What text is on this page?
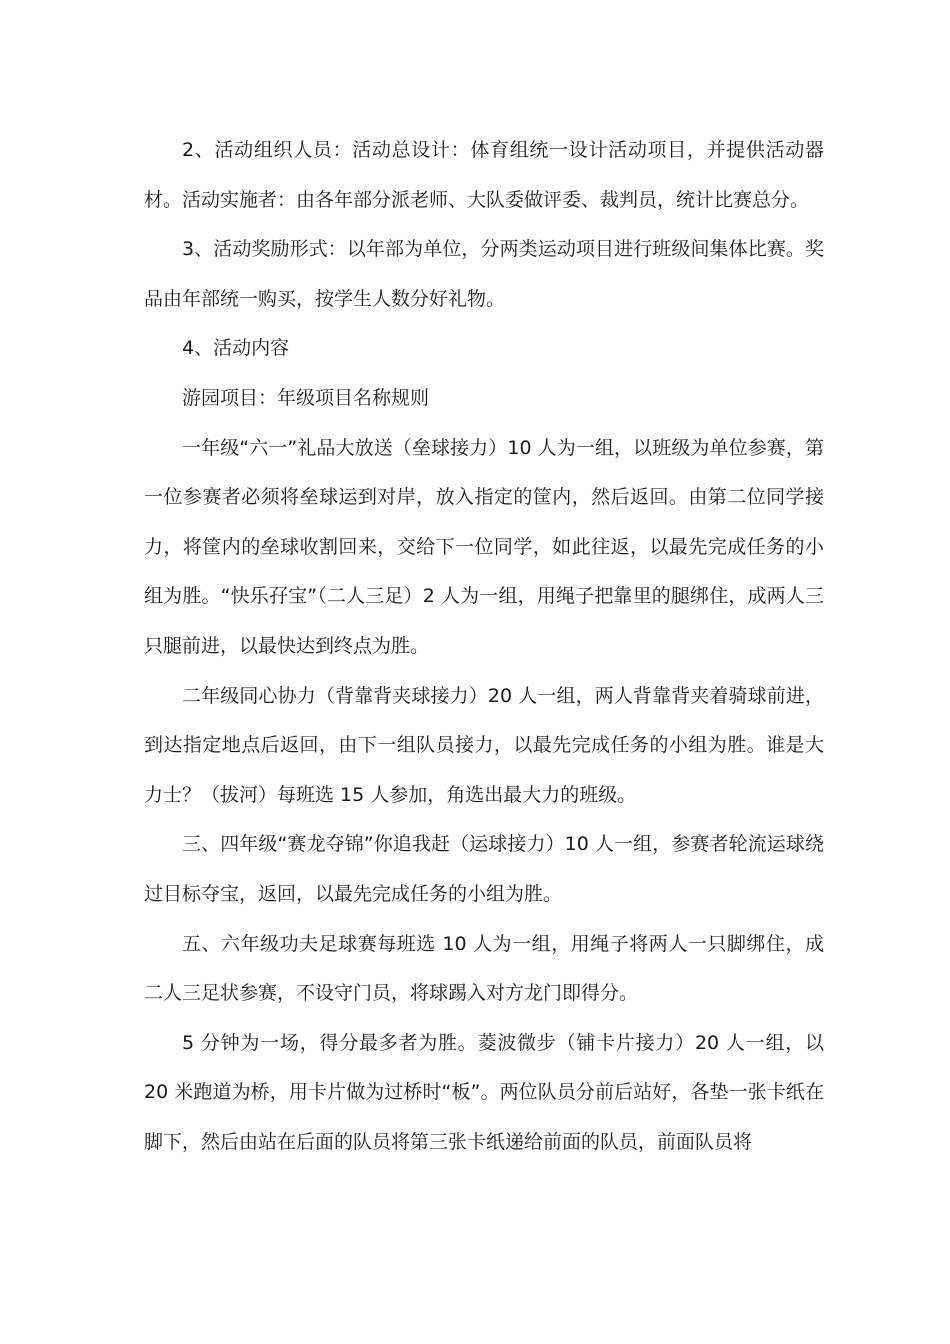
2、活动组织人员：活动总设计：体育组统一设计活动项目，并提供活动器材。活动实施者：由各年部分派老师、大队委做评委、裁判员，统计比赛总分。

3、活动奖励形式：以年部为单位，分两类运动项目进行班级间集体比赛。奖品由年部统一购买，按学生人数分好礼物。

4、活动内容

游园项目：年级项目名称规则

一年级“六一”礼品大放送（垒球接力）10 人为一组，以班级为单位参赛，第一位参赛者必须将垒球运到对岸，放入指定的筐内，然后返回。由第二位同学接力，将筐内的垒球收割回来，交给下一位同学，如此往返，以最先完成任务的小组为胜。“快乐孖宝”（二人三足）2 人为一组，用绳子把靠里的腿绑住，成两人三只腿前进，以最快达到终点为胜。

二年级同心协力（背靠背夹球接力）20 人一组，两人背靠背夹着骑球前进，到达指定地点后返回，由下一组队员接力，以最先完成任务的小组为胜。谁是大力士？（拔河）每班选 15 人参加，角选出最大力的班级。

三、四年级“赛龙夺锦”你追我赶（运球接力）10 人一组，参赛者轮流运球绕过目标夺宝，返回，以最先完成任务的小组为胜。

五、六年级功夫足球赛每班选 10 人为一组，用绳子将两人一只脚绑住，成二人三足状参赛，不设守门员，将球踢入对方龙门即得分。

5 分钟为一场，得分最多者为胜。菱波微步（铺卡片接力）20 人一组，以 20 米跑道为桥，用卡片做为过桥时“板”。两位队员分前后站好，各垫一张卡纸在脚下，然后由站在后面的队员将第三张卡纸递给前面的队员，前面队员将
